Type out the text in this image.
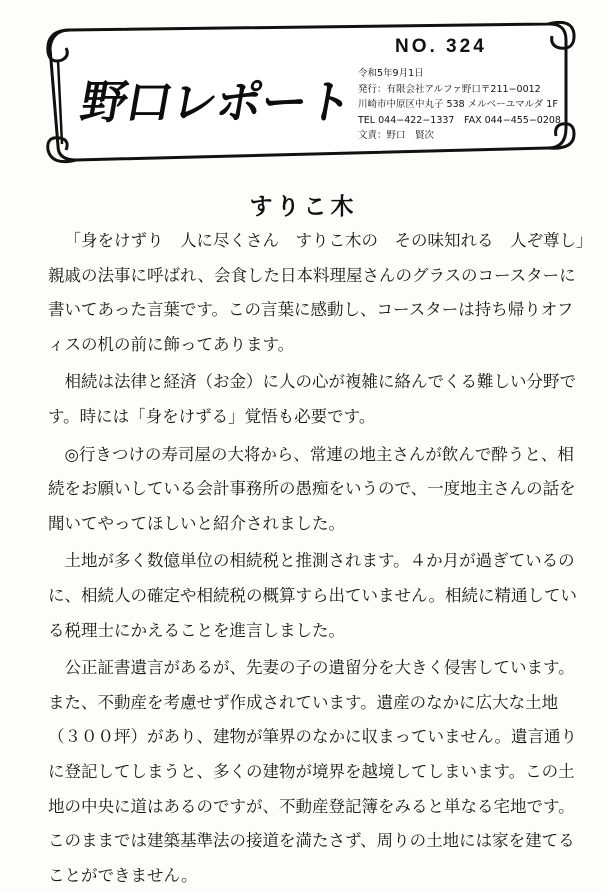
NO. 324
野口レポート
令和5年9月1日
発行：有限会社アルファ野口〒211−0012
川崎市中原区中丸子 538 メルベーユマルダ 1F
TEL 044−422−1337　FAX 044−455−0208
文責：野口　賢次
すりこ木

「身をけずり　人に尽くさん　すりこ木の　その味知れる　人ぞ尊し」親戚の法事に呼ばれ、会食した日本料理屋さんのグラスのコースターに書いてあった言葉です。この言葉に感動し、コースターは持ち帰りオフィスの机の前に飾ってあります。

相続は法律と経済（お金）に人の心が複雑に絡んでくる難しい分野です。時には「身をけずる」覚悟も必要です。

◎行きつけの寿司屋の大将から、常連の地主さんが飲んで酔うと、相続をお願いしている会計事務所の愚痴をいうので、一度地主さんの話を聞いてやってほしいと紹介されました。

土地が多く数億単位の相続税と推測されます。４か月が過ぎているのに、相続人の確定や相続税の概算すら出ていません。相続に精通している税理士にかえることを進言しました。

公正証書遺言があるが、先妻の子の遺留分を大きく侵害しています。また、不動産を考慮せず作成されています。遺産のなかに広大な土地（３００坪）があり、建物が筆界のなかに収まっていません。遺言通りに登記してしまうと、多くの建物が境界を越境してしまいます。この土地の中央に道はあるのですが、不動産登記簿をみると単なる宅地です。このままでは建築基準法の接道を満たさず、周りの土地には家を建てることができません。
